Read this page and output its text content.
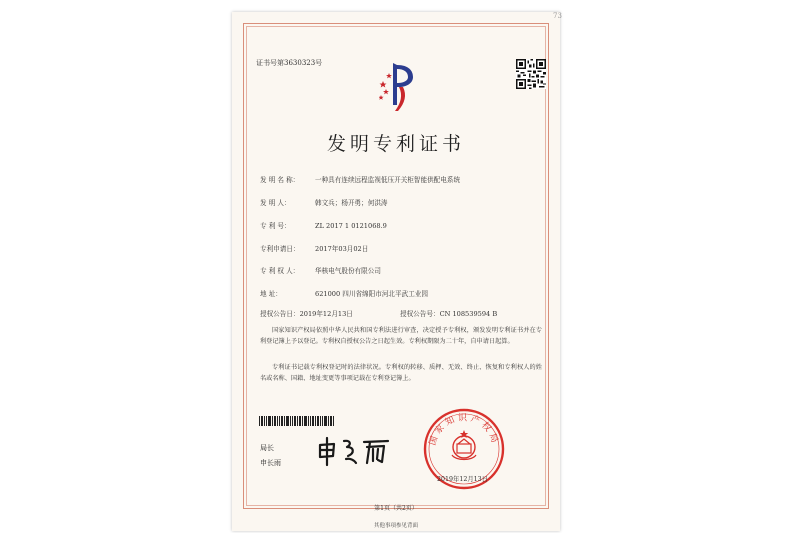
73
证书号第3630323号
发明专利证书
发 明 名 称： 一种具有连续远程监视低压开关柜智能供配电系统
发 明 人：	韩文兵；杨开勇；何洪涛
专 利 号：	ZL 2017 1 0121068.9
专利申请日： 2017年03月02日
专 利 权 人： 华核电气股份有限公司
地 址：	621000 四川省绵阳市河北平武工业园
授权公告日：2019年12月13日	授权公告号：CN 108539594 B
国家知识产权局依照中华人民共和国专利法进行审查，决定授予专利权，颁发发明专利证书并在专利登记簿上予以登记。专利权自授权公告之日起生效。专利权期限为二十年，自申请日起算。
专利证书记载专利权登记时的法律状况。专利权的转移、质押、无效、终止、恢复和专利权人的姓名或名称、国籍、地址变更等事项记载在专利登记簿上。
局长
申长雨
国家知识产权局
2019年12月13日
第1页（共2页）
其他事项参见背面
